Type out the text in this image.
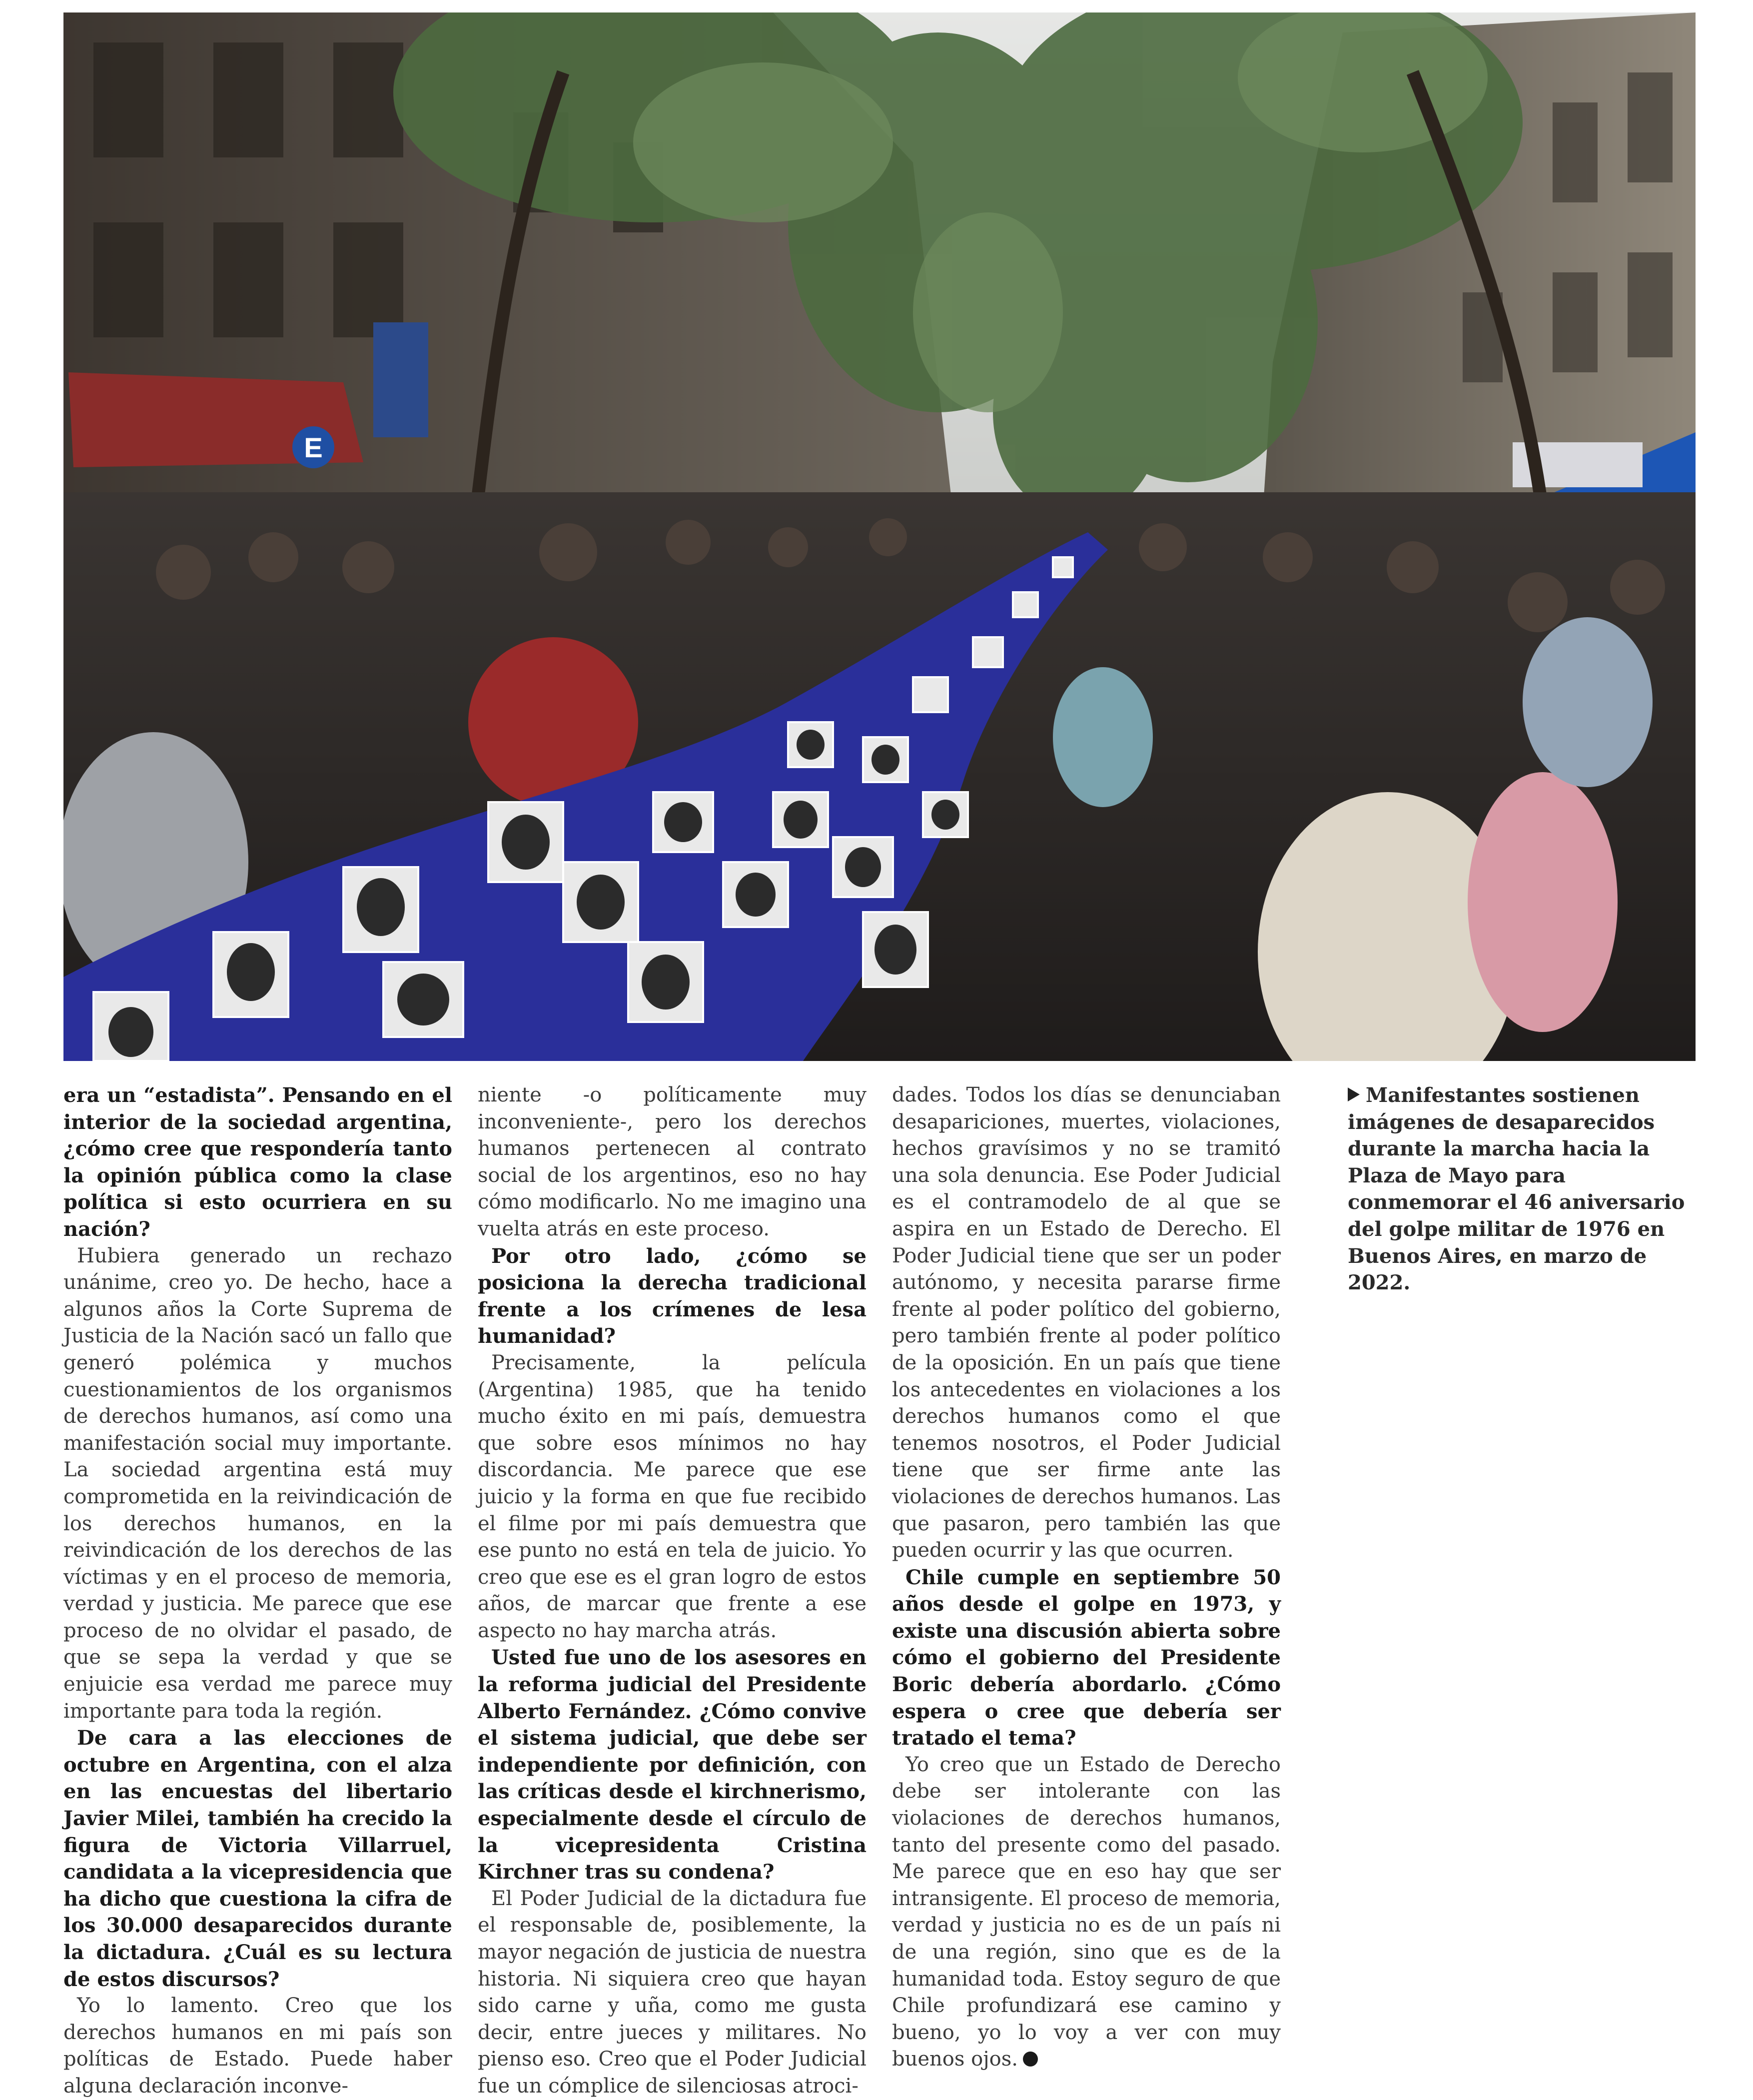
E

era un “estadista”. Pensando en el interior de la sociedad argentina, ¿cómo cree que respondería tanto la opinión pública como la clase política si esto ocurriera en su nación?

Hubiera generado un rechazo unánime, creo yo. De hecho, hace a algunos años la Corte Suprema de Justicia de la Nación sacó un fallo que generó polémica y muchos cuestionamientos de los organismos de derechos humanos, así como una manifestación social muy importante. La sociedad argentina está muy comprometida en la reivindicación de los derechos humanos, en la reivindicación de los derechos de las víctimas y en el proceso de memoria, verdad y justicia. Me parece que ese proceso de no olvidar el pasado, de que se sepa la verdad y que se enjuicie esa verdad me parece muy importante para toda la región.

De cara a las elecciones de octubre en Argentina, con el alza en las encuestas del libertario Javier Milei, también ha crecido la figura de Victoria Villarruel, candidata a la vicepresidencia que ha dicho que cuestiona la cifra de los 30.000 desaparecidos durante la dictadura. ¿Cuál es su lectura de estos discursos?

Yo lo lamento. Creo que los derechos humanos en mi país son políticas de Estado. Puede haber alguna declaración inconve-

niente -o políticamente muy inconveniente-, pero los derechos humanos pertenecen al contrato social de los argentinos, eso no hay cómo modificarlo. No me imagino una vuelta atrás en este proceso.

Por otro lado, ¿cómo se posiciona la derecha tradicional frente a los crímenes de lesa humanidad?

Precisamente, la película (Argentina) 1985, que ha tenido mucho éxito en mi país, demuestra que sobre esos mínimos no hay discordancia. Me parece que ese juicio y la forma en que fue recibido el filme por mi país demuestra que ese punto no está en tela de juicio. Yo creo que ese es el gran logro de estos años, de marcar que frente a ese aspecto no hay marcha atrás.

Usted fue uno de los asesores en la reforma judicial del Presidente Alberto Fernández. ¿Cómo convive el sistema judicial, que debe ser independiente por definición, con las críticas desde el kirchnerismo, especialmente desde el círculo de la vicepresidenta Cristina Kirchner tras su condena?

El Poder Judicial de la dictadura fue el responsable de, posiblemente, la mayor negación de justicia de nuestra historia. Ni siquiera creo que hayan sido carne y uña, como me gusta decir, entre jueces y militares. No pienso eso. Creo que el Poder Judicial fue un cómplice de silenciosas atroci-

dades. Todos los días se denunciaban desapariciones, muertes, violaciones, hechos gravísimos y no se tramitó una sola denuncia. Ese Poder Judicial es el contramodelo de al que se aspira en un Estado de Derecho. El Poder Judicial tiene que ser un poder autónomo, y necesita pararse firme frente al poder político del gobierno, pero también frente al poder político de la oposición. En un país que tiene los antecedentes en violaciones a los derechos humanos como el que tenemos nosotros, el Poder Judicial tiene que ser firme ante las violaciones de derechos humanos. Las que pasaron, pero también las que pueden ocurrir y las que ocurren.

Chile cumple en septiembre 50 años desde el golpe en 1973, y existe una discusión abierta sobre cómo el gobierno del Presidente Boric debería abordarlo. ¿Cómo espera o cree que debería ser tratado el tema?

Yo creo que un Estado de Derecho debe ser intolerante con las violaciones de derechos humanos, tanto del presente como del pasado. Me parece que en eso hay que ser intransigente. El proceso de memoria, verdad y justicia no es de un país ni de una región, sino que es de la humanidad toda. Estoy seguro de que Chile profundizará ese camino y bueno, yo lo voy a ver con muy buenos ojos.

Manifestantes sostienen imágenes de desaparecidos durante la marcha hacia la Plaza de Mayo para conmemorar el 46 aniversario del golpe militar de 1976 en Buenos Aires, en marzo de 2022.
